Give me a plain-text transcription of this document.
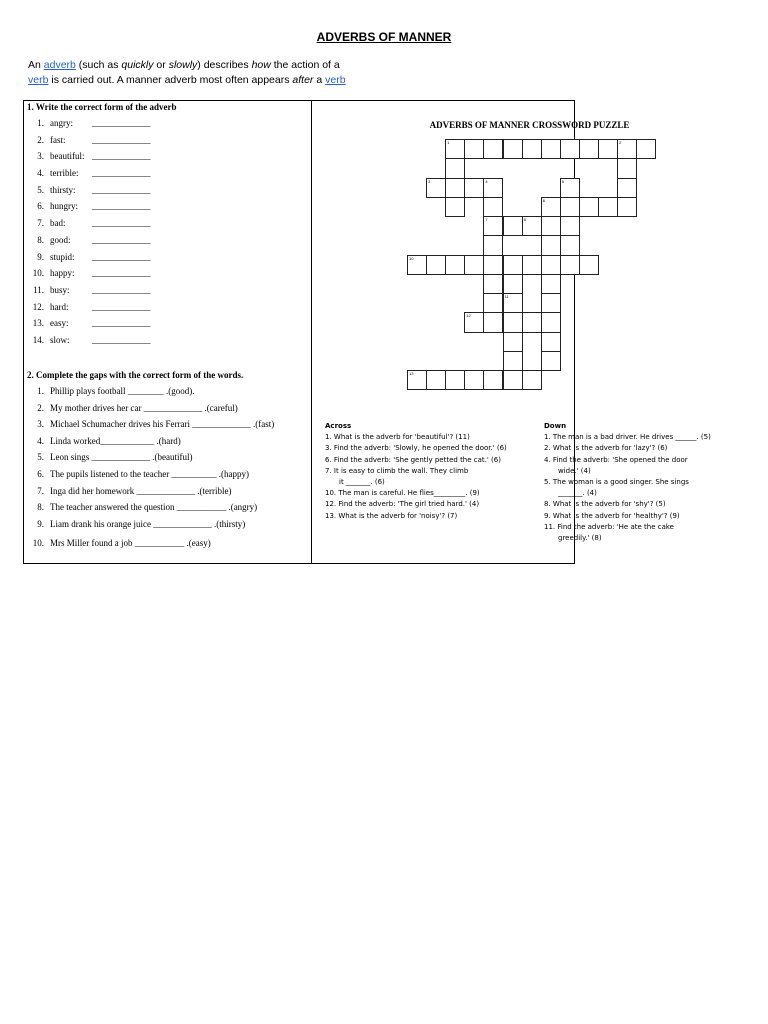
ADVERBS OF MANNER
An adverb (such as quickly or slowly) describes how the action of a verb is carried out. A manner adverb most often appears after a verb
1. Write the correct form of the adverb
1. angry: _____________
2. fast:	_____________
3. beautiful: _____________
4. terrible: _____________
5. thirsty: _____________
6. hungry: _____________
7. bad:	_____________
8. good: _____________
9. stupid: _____________
10. happy: _____________
11. busy: _____________
12. hard:	_____________
13. easy:	_____________
14. slow: _____________
2. Complete the gaps with the correct form of the words.
1. Phillip plays football ________ .(good).
2. My mother drives her car _____________ .(careful)
3. Michael Schumacher drives his Ferrari _____________ .(fast)
4. Linda worked____________ .(hard)
5. Leon sings _____________ .(beautiful)
6. The pupils listened to the teacher __________ .(happy)
7. Inga did her homework _____________ .(terrible)
8. The teacher answered the question ___________ .(angry)
9. Liam drank his orange juice _____________ .(thirsty)
10. Mrs Miller found a job ___________ .(easy)
ADVERBS OF MANNER CROSSWORD PUZZLE
1	2
3	4
7
5
11
6
8
10
12
13
Across
1. What is the adverb for 'beautiful'? (11)
3. Find the adverb: 'Slowly, he opened the door.' (6)
6. Find the adverb: 'She gently petted the cat.' (6)
7. It is easy to climb the wall. They climb
it _______. (6)
10. The man is careful. He flies_________. (9)
12. Find the adverb: 'The girl tried hard.' (4)
13. What is the adverb for 'noisy'? (7)
Down
1. The man is a bad driver. He drives ______. (5)
2. What is the adverb for 'lazy'? (6)
4. Find the adverb: 'She opened the door
wide.' (4)
5. The woman is a good singer. She sings
_______. (4)
8. What is the adverb for 'shy'? (5)
9. What is the adverb for 'healthy'? (9)
11. Find the adverb: 'He ate the cake
greedily.' (8)
